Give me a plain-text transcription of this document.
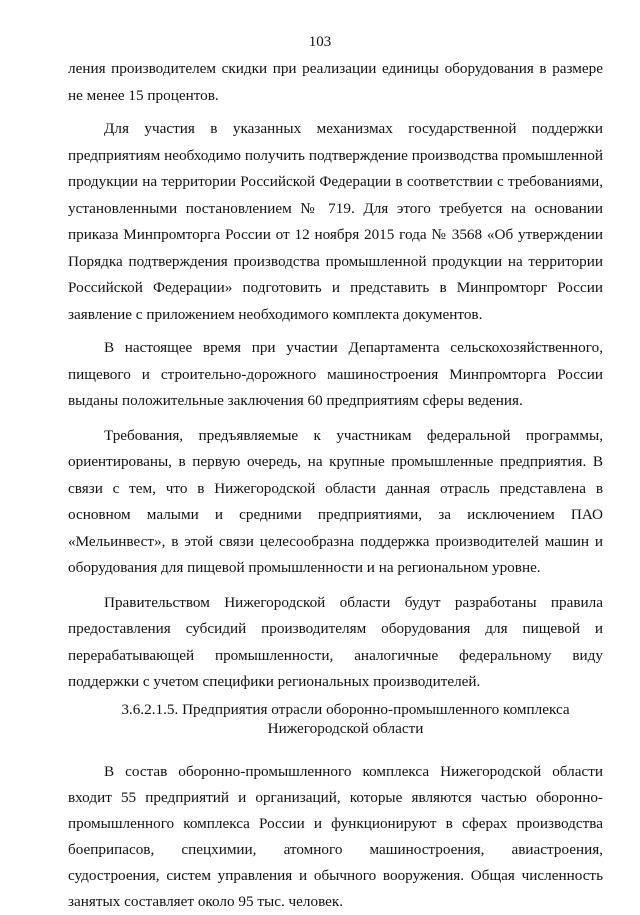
103

ления производителем скидки при реализации единицы оборудования в размере не менее 15 процентов.

Для участия в указанных механизмах государственной поддержки предприятиям необходимо получить подтверждение производства промышленной продукции на территории Российской Федерации в соответствии с требованиями, установленными постановлением № 719. Для этого требуется на основании приказа Минпромторга России от 12 ноября 2015 года № 3568 «Об утверждении Порядка подтверждения производства промышленной продукции на территории Российской Федерации» подготовить и представить в Минпромторг России заявление с приложением необходимого комплекта документов.

В настоящее время при участии Департамента сельскохозяйственного, пищевого и строительно-дорожного машиностроения Минпромторга России выданы положительные заключения 60 предприятиям сферы ведения.

Требования, предъявляемые к участникам федеральной программы, ориентированы, в первую очередь, на крупные промышленные предприятия. В связи с тем, что в Нижегородской области данная отрасль представлена в основном малыми и средними предприятиями, за исключением ПАО «Мельинвест», в этой связи целесообразна поддержка производителей машин и оборудования для пищевой промышленности и на региональном уровне.

Правительством Нижегородской области будут разработаны правила предоставления субсидий производителям оборудования для пищевой и перерабатывающей промышленности, аналогичные федеральному виду поддержки с учетом специфики региональных производителей.

3.6.2.1.5. Предприятия отрасли оборонно-промышленного комплекса Нижегородской области

В состав оборонно-промышленного комплекса Нижегородской области входит 55 предприятий и организаций, которые являются частью оборонно-промышленного комплекса России и функционируют в сферах производства боеприпасов, спецхимии, атомного машиностроения, авиастроения, судостроения, систем управления и обычного вооружения. Общая численность занятых составляет около 95 тыс. человек.
